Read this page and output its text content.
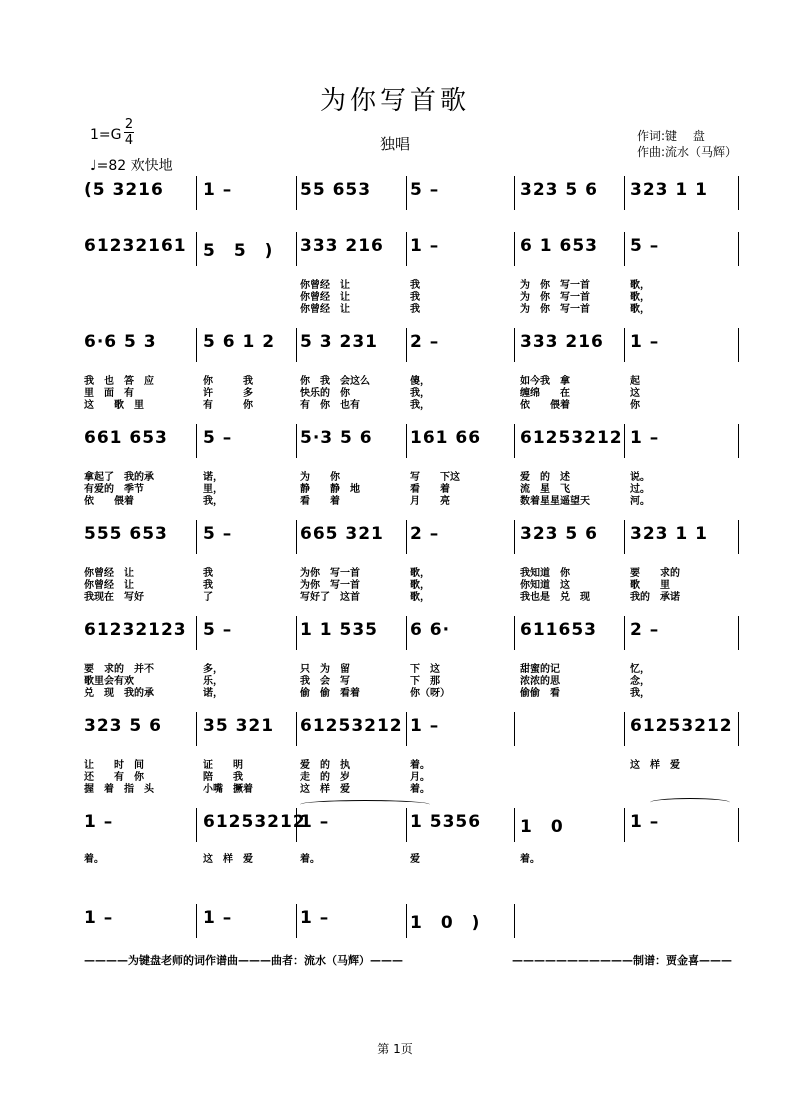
为你写首歌
独唱
1=G
2
4
♩=82 欢快地
作词:键　 盘
作曲:流水（马辉）
(5 3216 1 –	55 653 5 –	323 5 6 323 1 1
61232161 5　5　) 333 216 1 –	6 1 653 5 –
你曾经　让	我	为　你　写一首	歌，
你曾经　让	我	为　你　写一首	歌，
你曾经　让	我	为　你　写一首	歌，
6·6 5 3	5 6 1 2 5 3 231 2 –	333 216 1 –
我　也　答　应	你　　　我	你　我　会这么	傻，	如今我　拿	起
里　面　有	许　　　多	快乐的　你	我，	缠绵　　在	这
这　　歌　里	有　　　你	有　你　也有	我，	依　　偎着	你
661 653 5 –	5·3 5 6 161 66 61253212 1 –
拿起了　我的承	诺，	为　　你	写　　下这	爱　的　述	说。
有爱的　季节	里，	静　　静　地	看　　着	流　星　飞	过。
依　　偎着	我，	看　　着	月　　亮	数着星星遥望天	河。
555 653 5 –	665 321 2 –	323 5 6 323 1 1
你曾经　让	我	为你　写一首	歌，	我知道　你	要　　求的
你曾经　让	我	为你　写一首	歌，	你知道　这	歌　　里
我现在　写好	了	写好了　这首	歌，	我也是　兑　现	我的　承诺
61232123 5 –	1 1 535 6 6·	611653 2 –
要　求的　并不	多，	只　为　留	下　这	甜蜜的记	忆，
歌里会有欢	乐，	我　会　写	下　那	浓浓的思	念，
兑　现　我的承	诺，	偷　偷　看着	你（呀）	偷偷　看	我，
323 5 6 35 321 61253212 1 –	61253212
让　　时　间	证　　明	爱　的　执	着。	这　样　爱
还　　有　你	陪　　我	走　的　岁	月。
握　着　指　头	小嘴　撅着	这　样　爱	着。
1 –	61253212
1 –	1 5356 1　0	1 –
着。	这　样　爱	着。	爱	着。
1 –	1 –	1 –	1　0　)
————为键盘老师的词作谱曲———曲者：流水（马辉）———	———————————制谱：贾金喜———
第 1页
